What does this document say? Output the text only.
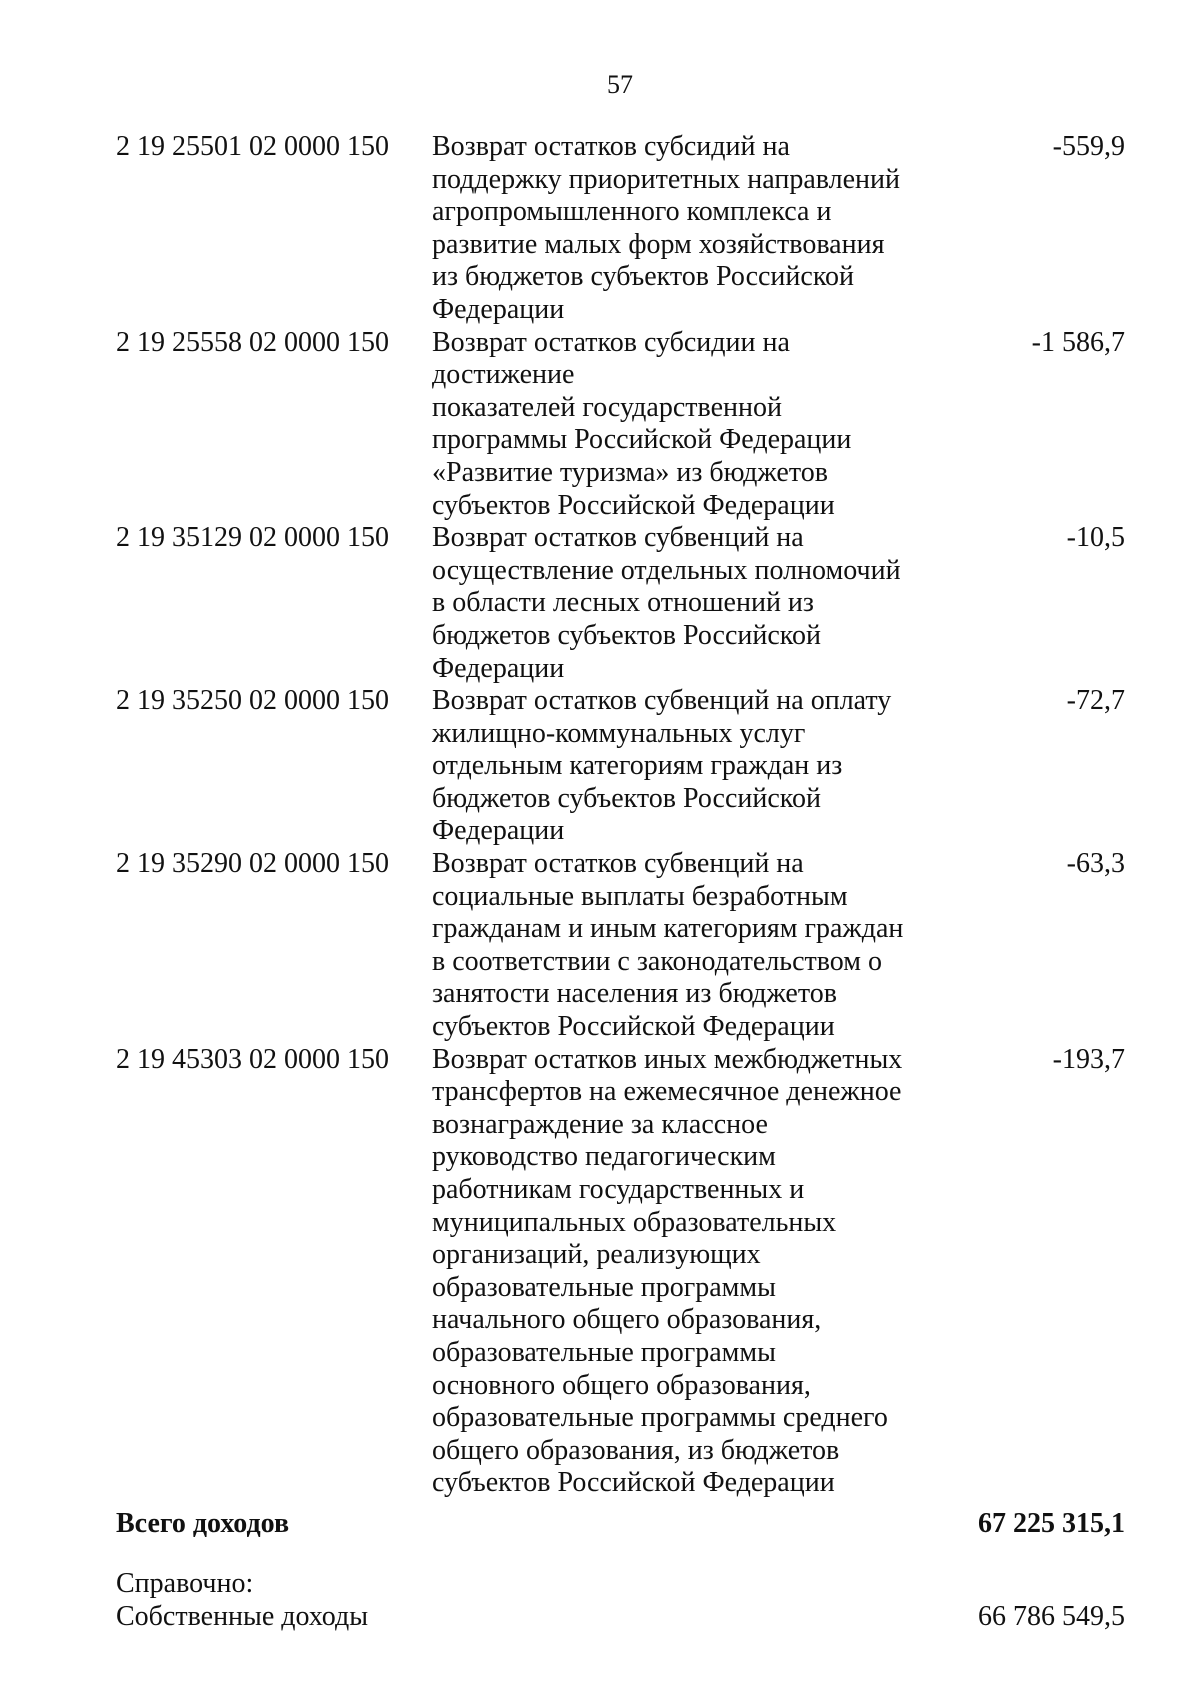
57
2 19 25501 02 0000 150 Возврат остатков субсидий на
поддержку приоритетных направлений
агропромышленного комплекса и
развитие малых форм хозяйствования
из бюджетов субъектов Российской
Федерации
-559,9
2 19 25558 02 0000 150 Возврат остатков субсидии на
достижение
показателей государственной
программы Российской Федерации
«Развитие туризма» из бюджетов
субъектов Российской Федерации
-1 586,7
2 19 35129 02 0000 150 Возврат остатков субвенций на
осуществление отдельных полномочий
в области лесных отношений из
бюджетов субъектов Российской
Федерации
-10,5
2 19 35250 02 0000 150 Возврат остатков субвенций на оплату
жилищно-коммунальных услуг
отдельным категориям граждан из
бюджетов субъектов Российской
Федерации
-72,7
2 19 35290 02 0000 150 Возврат остатков субвенций на
социальные выплаты безработным
гражданам и иным категориям граждан
в соответствии с законодательством о
занятости населения из бюджетов
субъектов Российской Федерации
-63,3
2 19 45303 02 0000 150 Возврат остатков иных межбюджетных
трансфертов на ежемесячное денежное
вознаграждение за классное
руководство педагогическим
работникам государственных и
муниципальных образовательных
организаций, реализующих
образовательные программы
начального общего образования,
образовательные программы
основного общего образования,
образовательные программы среднего
общего образования, из бюджетов
субъектов Российской Федерации
-193,7
Всего доходов	67 225 315,1
Справочно:
Собственные доходы	66 786 549,5
